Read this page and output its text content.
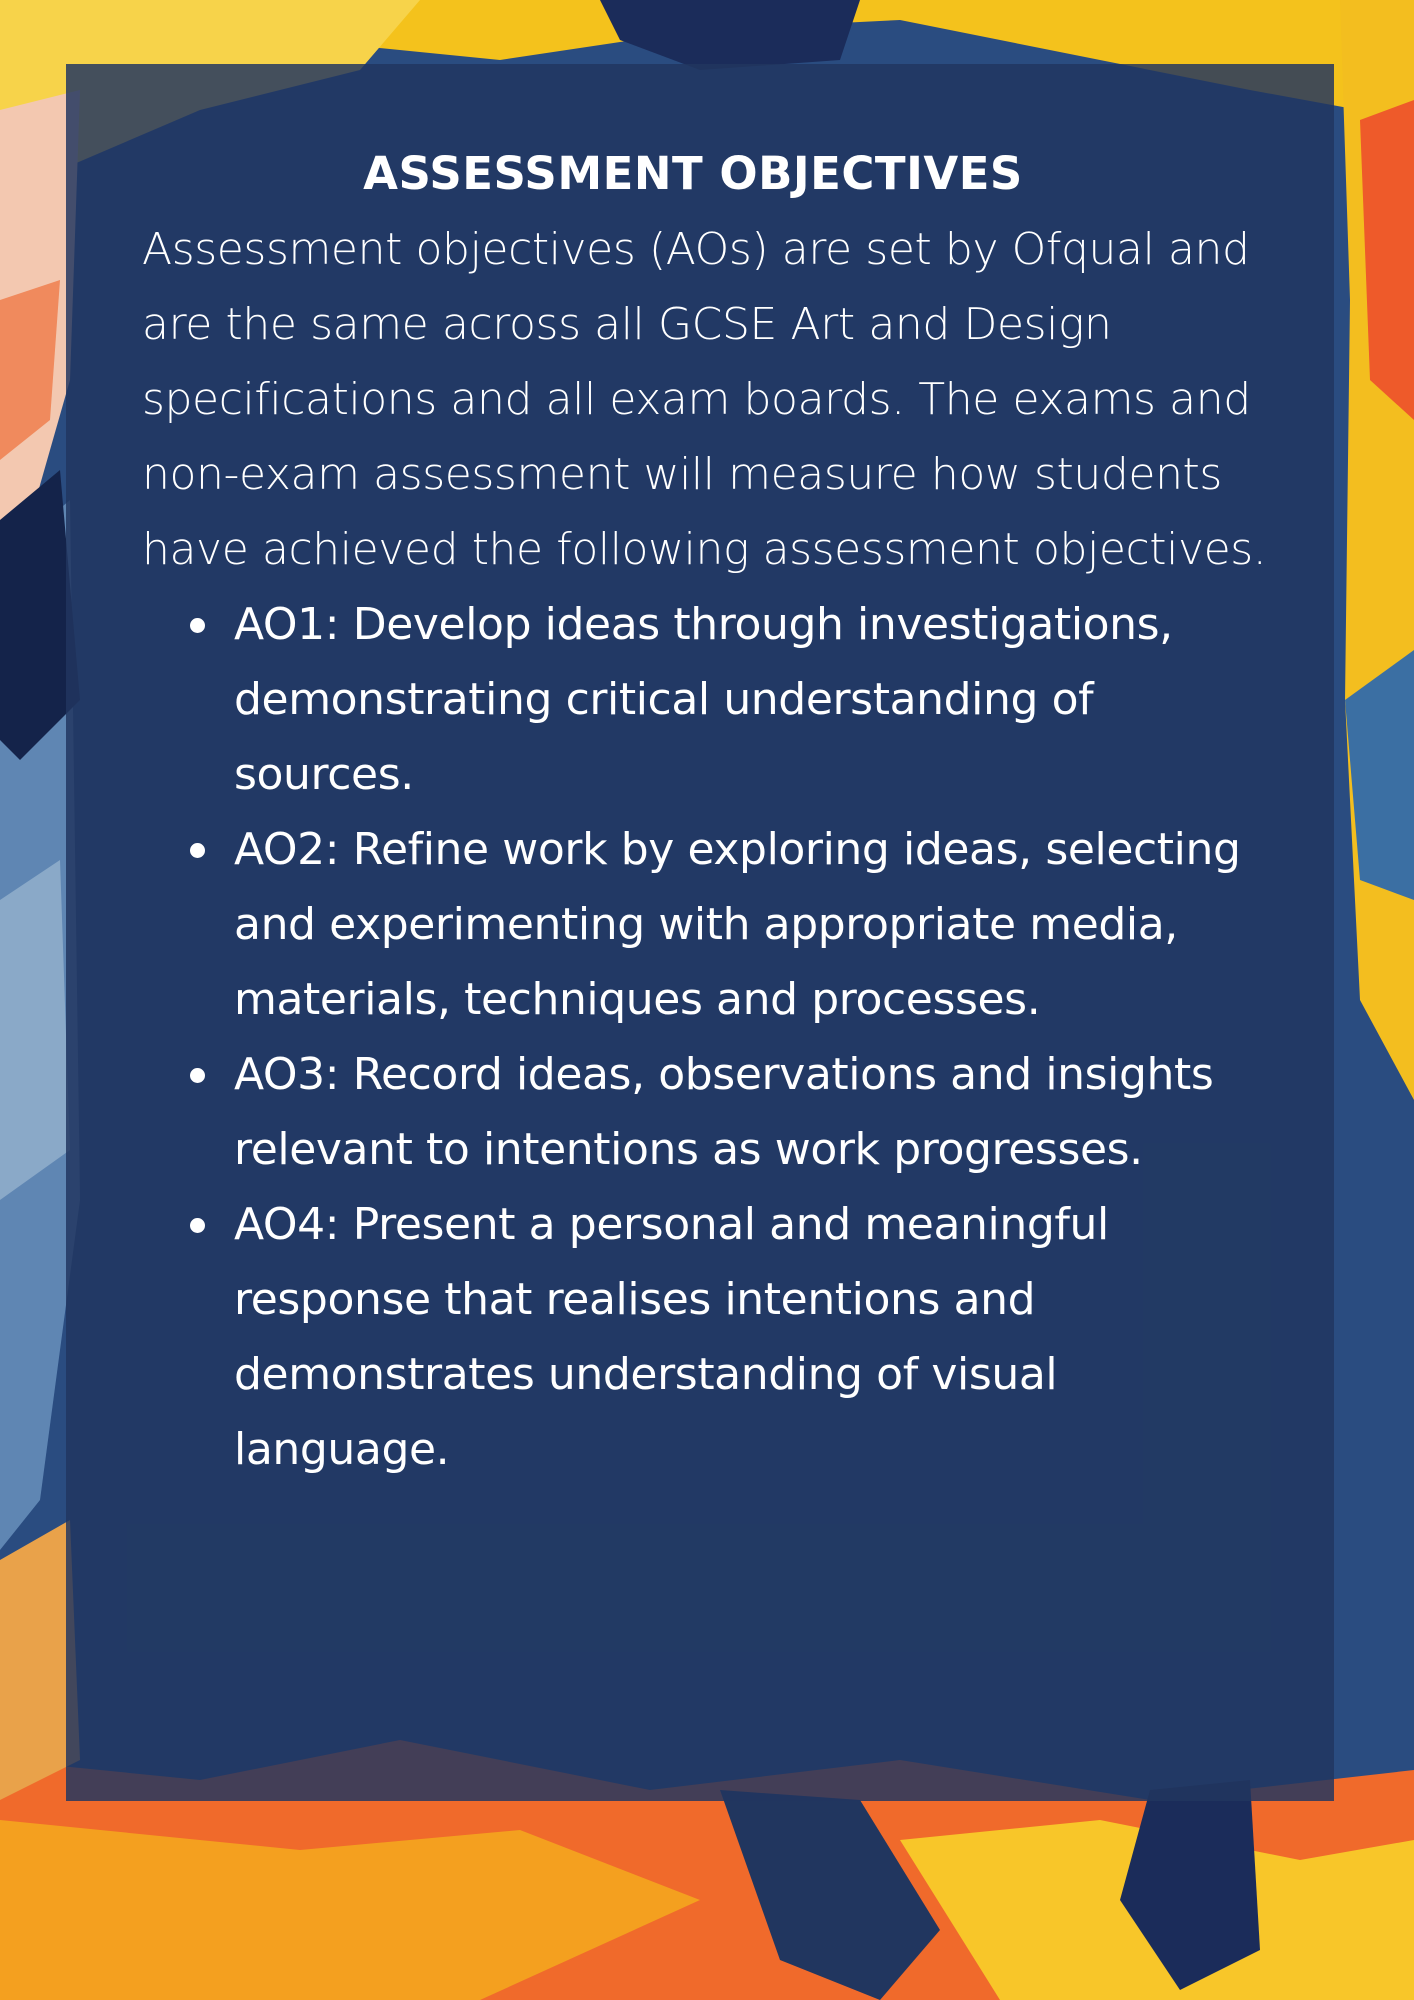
ASSESSMENT OBJECTIVES

Assessment objectives (AOs) are set by Ofqual and are the same across all GCSE Art and Design specifications and all exam boards. The exams and non-exam assessment will measure how students have achieved the following assessment objectives.

AO1: Develop ideas through investigations, demonstrating critical understanding of sources.
AO2: Refine work by exploring ideas, selecting and experimenting with appropriate media, materials, techniques and processes.
AO3: Record ideas, observations and insights relevant to intentions as work progresses.
AO4: Present a personal and meaningful response that realises intentions and demonstrates understanding of visual language.
